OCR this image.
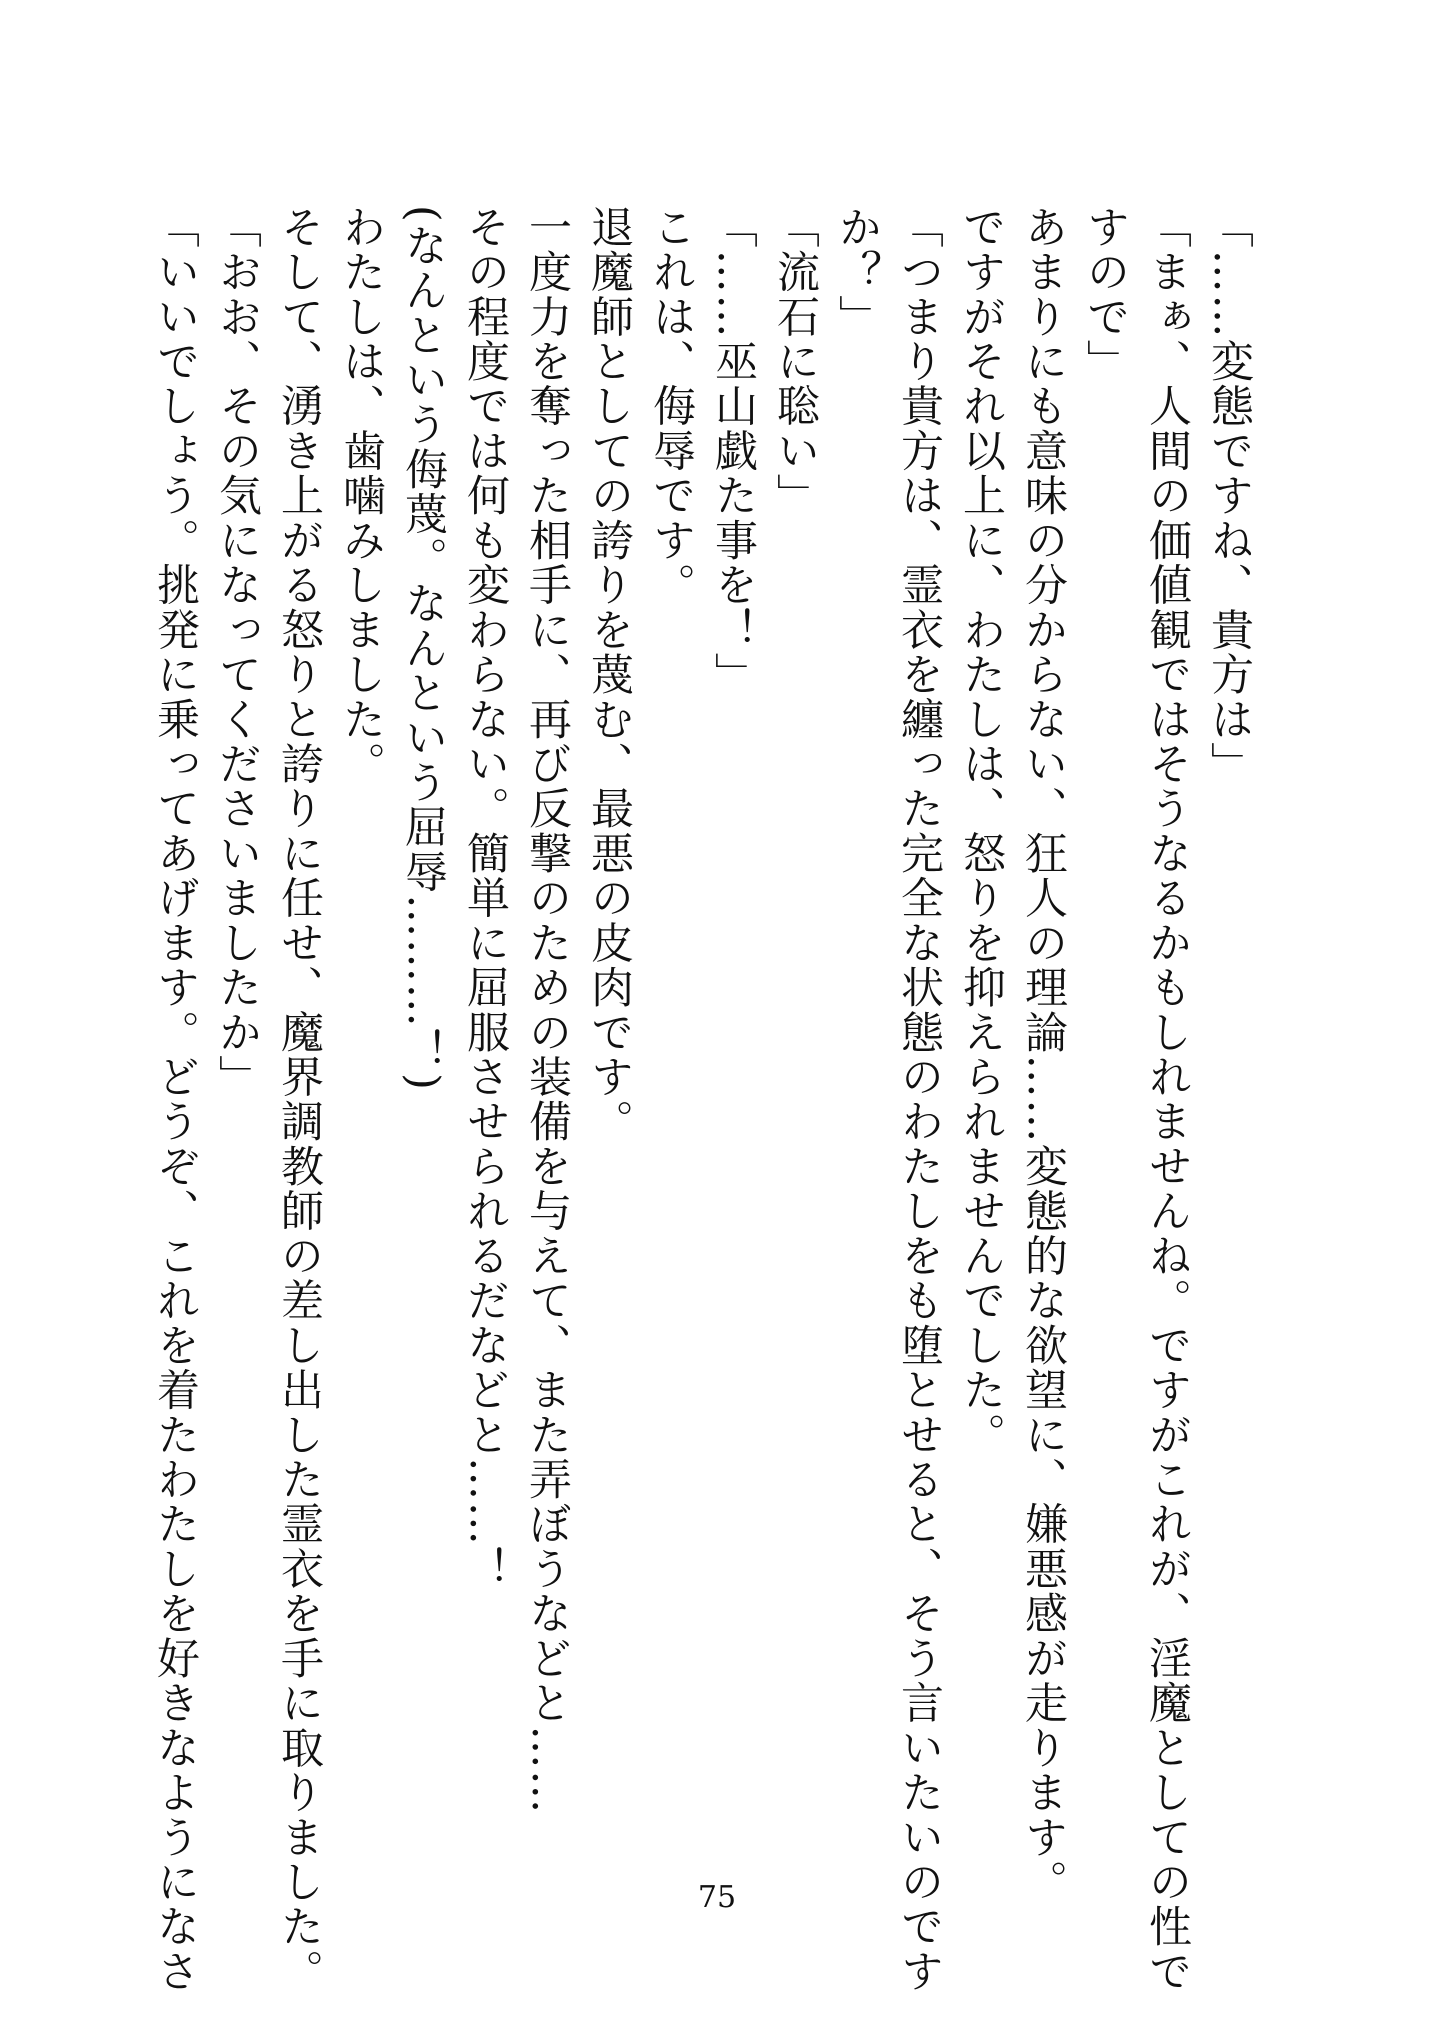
「……変態ですね、貴方は」
「まぁ、人間の価値観ではそうなるかもしれませんね。ですがこれが、淫魔としての性で
すので」
あまりにも意味の分からない、狂人の理論……変態的な欲望に、嫌悪感が走ります。
ですがそれ以上に、わたしは、怒りを抑えられませんでした。
「つまり貴方は、霊衣を纏った完全な状態のわたしをも堕とせると、そう言いたいのです
か？」
「流石に聡い」
「……巫山戯た事を！」
これは、侮辱です。
退魔師としての誇りを蔑む、最悪の皮肉です。
一度力を奪った相手に、再び反撃のための装備を与えて、また弄ぼうなどと……
その程度では何も変わらない。簡単に屈服させられるだなどと……！
(なんという侮蔑。なんという屈辱………！)
わたしは、歯噛みしました。
そして、湧き上がる怒りと誇りに任せ、魔界調教師の差し出した霊衣を手に取りました。
「おお、その気になってくださいましたか」
「いいでしょう。挑発に乗ってあげます。どうぞ、これを着たわたしを好きなようになさ	75
